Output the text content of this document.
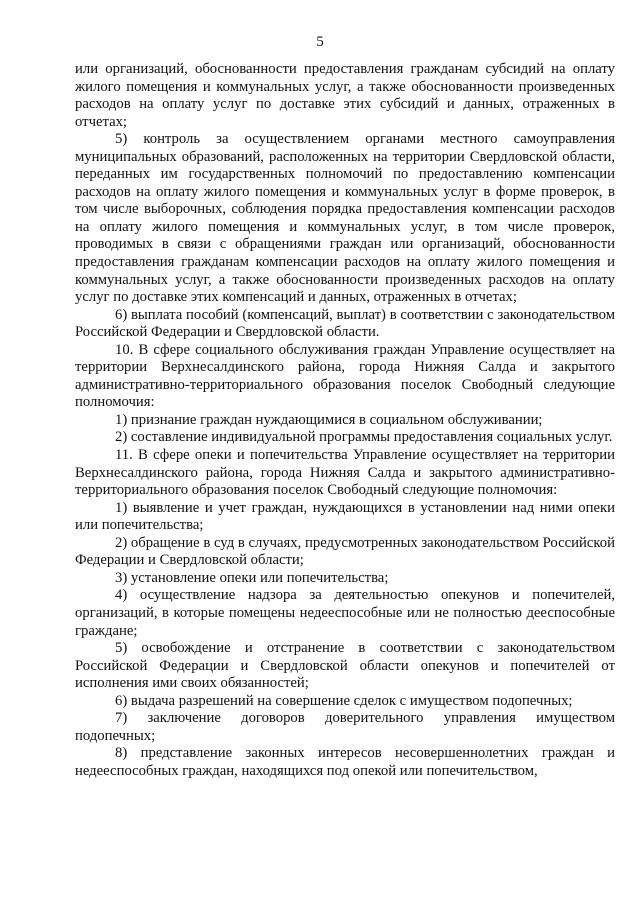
5

или организаций, обоснованности предоставления гражданам субсидий на оплату жилого помещения и коммунальных услуг, а также обоснованности произведенных расходов на оплату услуг по доставке этих субсидий и данных, отраженных в отчетах;

5) контроль за осуществлением органами местного самоуправления муниципальных образований, расположенных на территории Свердловской области, переданных им государственных полномочий по предоставлению компенсации расходов на оплату жилого помещения и коммунальных услуг в форме проверок, в том числе выборочных, соблюдения порядка предоставления компенсации расходов на оплату жилого помещения и коммунальных услуг, в том числе проверок, проводимых в связи с обращениями граждан или организаций, обоснованности предоставления гражданам компенсации расходов на оплату жилого помещения и коммунальных услуг, а также обоснованности произведенных расходов на оплату услуг по доставке этих компенсаций и данных, отраженных в отчетах;

6) выплата пособий (компенсаций, выплат) в соответствии с законодательством Российской Федерации и Свердловской области.

10. В сфере социального обслуживания граждан Управление осуществляет на территории Верхнесалдинского района, города Нижняя Салда и закрытого административно-территориального образования поселок Свободный следующие полномочия:

1) признание граждан нуждающимися в социальном обслуживании;

2) составление индивидуальной программы предоставления социальных услуг.

11. В сфере опеки и попечительства Управление осуществляет на территории Верхнесалдинского района, города Нижняя Салда и закрытого административно-территориального образования поселок Свободный следующие полномочия:

1) выявление и учет граждан, нуждающихся в установлении над ними опеки или попечительства;

2) обращение в суд в случаях, предусмотренных законодательством Российской Федерации и Свердловской области;

3) установление опеки или попечительства;

4) осуществление надзора за деятельностью опекунов и попечителей, организаций, в которые помещены недееспособные или не полностью дееспособные граждане;

5) освобождение и отстранение в соответствии с законодательством Российской Федерации и Свердловской области опекунов и попечителей от исполнения ими своих обязанностей;

6) выдача разрешений на совершение сделок с имуществом подопечных;

7) заключение договоров доверительного управления имуществом подопечных;

8) представление законных интересов несовершеннолетних граждан и недееспособных граждан, находящихся под опекой или попечительством,
